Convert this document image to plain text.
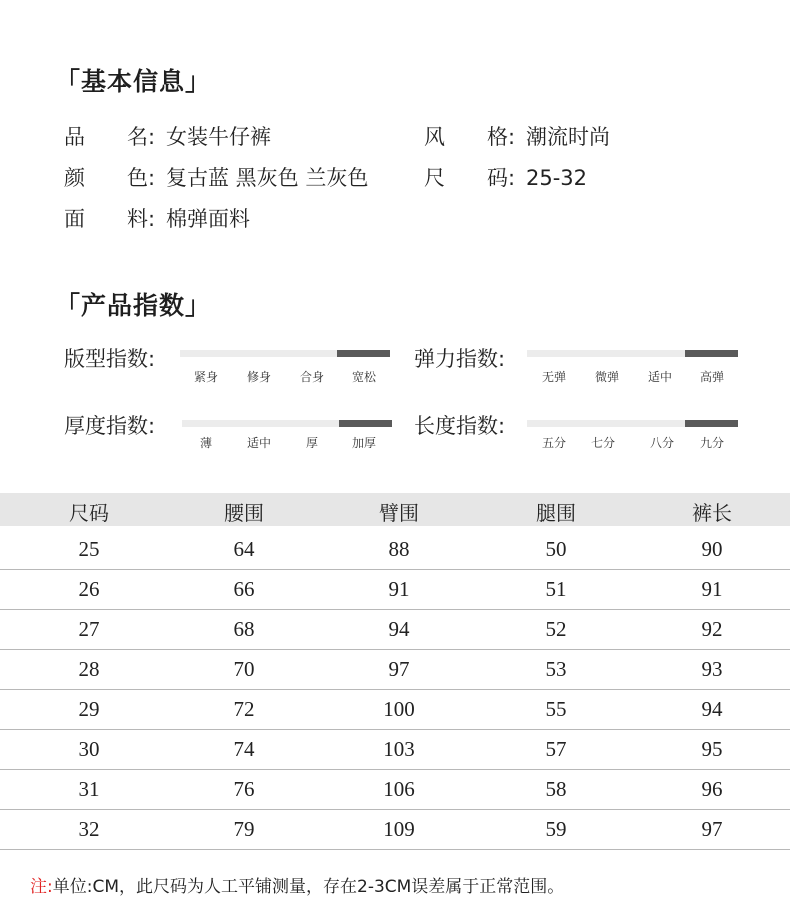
「基本信息」
品名: 女装牛仔裤	风格: 潮流时尚
颜色: 复古蓝 黑灰色 兰灰色	尺码: 25-32
面料: 棉弹面料
「产品指数」
版型指数:
紧身 修身 合身 宽松
弹力指数:
无弹 微弹 适中 高弹
厚度指数:
薄	适中	厚	加厚
长度指数:
五分 七分	八分 九分
尺码	腰围	臂围	腿围	裤长
25	64	88	50	90
26	66	91	51	91
27	68	94	52	92
28	70	97	53	93
29	72	100	55	94
30	74	103	57	95
31	76	106	58	96
32	79	109	59	97
注:单位:CM，此尺码为人工平铺测量，存在2-3CM误差属于正常范围。
